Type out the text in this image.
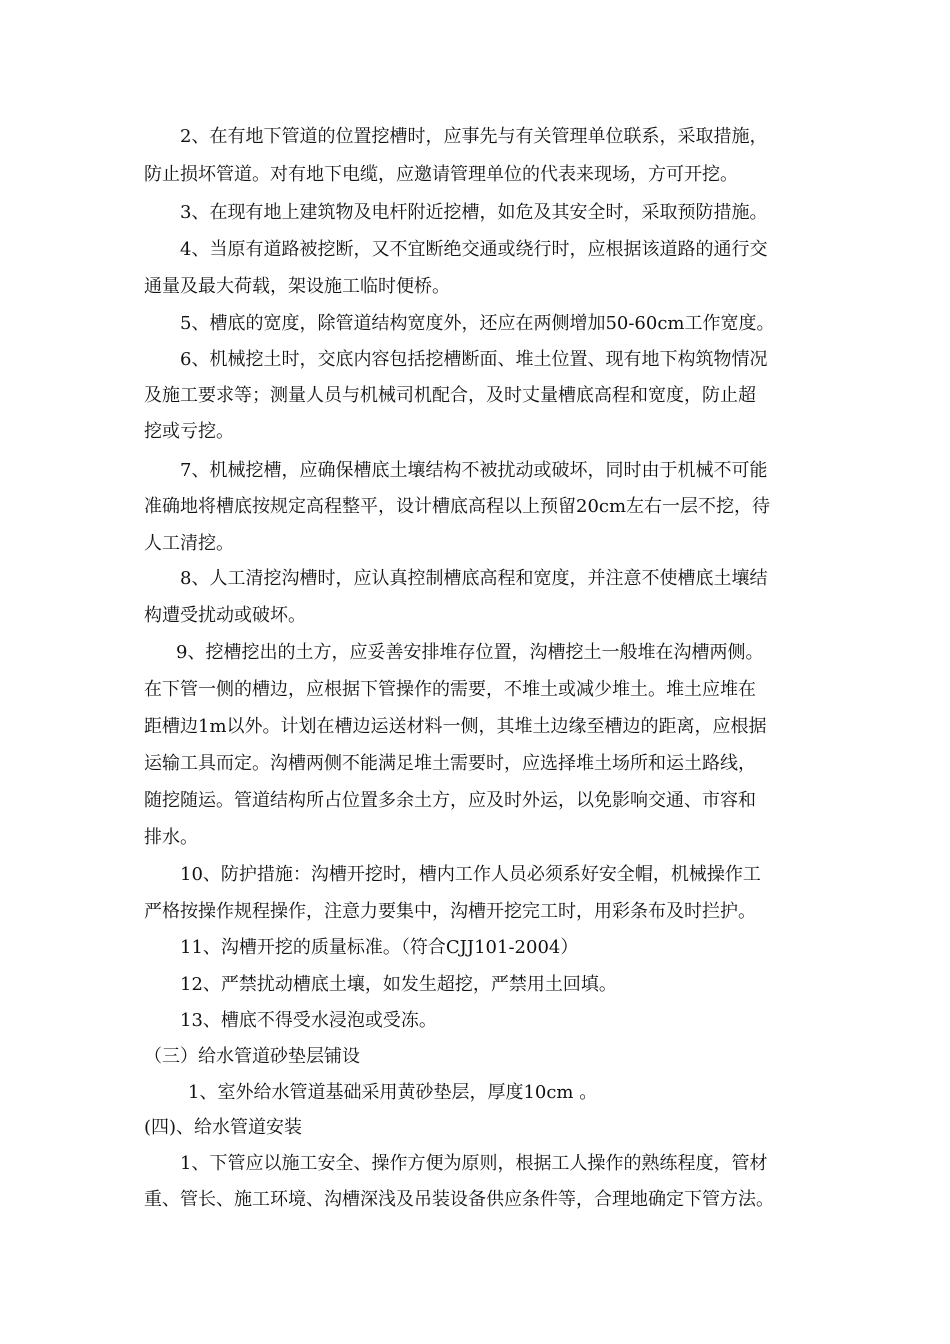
2、在有地下管道的位置挖槽时，应事先与有关管理单位联系，采取措施，
防止损坏管道。对有地下电缆，应邀请管理单位的代表来现场，方可开挖。
3、在现有地上建筑物及电杆附近挖槽，如危及其安全时，采取预防措施。
4、当原有道路被挖断，又不宜断绝交通或绕行时，应根据该道路的通行交
通量及最大荷载，架设施工临时便桥。
5、槽底的宽度，除管道结构宽度外，还应在两侧增加50-60cm工作宽度。
6、机械挖土时，交底内容包括挖槽断面、堆土位置、现有地下构筑物情况
及施工要求等；测量人员与机械司机配合，及时丈量槽底高程和宽度，防止超
挖或亏挖。
7、机械挖槽，应确保槽底土壤结构不被扰动或破坏，同时由于机械不可能
准确地将槽底按规定高程整平，设计槽底高程以上预留20cm左右一层不挖，待
人工清挖。
8、人工清挖沟槽时，应认真控制槽底高程和宽度，并注意不使槽底土壤结
构遭受扰动或破坏。
9、挖槽挖出的土方，应妥善安排堆存位置，沟槽挖土一般堆在沟槽两侧。
在下管一侧的槽边，应根据下管操作的需要，不堆土或减少堆土。堆土应堆在
距槽边1m以外。计划在槽边运送材料一侧，其堆土边缘至槽边的距离，应根据
运输工具而定。沟槽两侧不能满足堆土需要时，应选择堆土场所和运土路线，
随挖随运。管道结构所占位置多余土方，应及时外运，以免影响交通、市容和
排水。
10、防护措施：沟槽开挖时，槽内工作人员必须系好安全帽，机械操作工
严格按操作规程操作，注意力要集中，沟槽开挖完工时，用彩条布及时拦护。
11、沟槽开挖的质量标准。（符合CJJ101-2004）
12、严禁扰动槽底土壤，如发生超挖，严禁用土回填。
13、槽底不得受水浸泡或受冻。
（三）给水管道砂垫层铺设
1、室外给水管道基础采用黄砂垫层，厚度10cm 。
(四)、给水管道安装
1、下管应以施工安全、操作方便为原则，根据工人操作的熟练程度，管材
重、管长、施工环境、沟槽深浅及吊装设备供应条件等，合理地确定下管方法。
